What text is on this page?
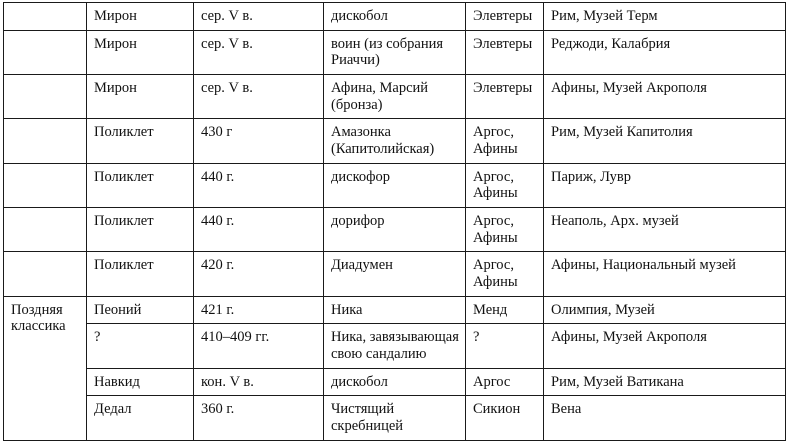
	Мирон	сер. V в.	дискобол	Элевтеры	Рим, Музей Терм
	Мирон	сер. V в.	воин (из собрания Риаччи)	Элевтеры	Реджоди, Калабрия
	Мирон	сер. V в.	Афина, Марсий (бронза)	Элевтеры	Афины, Музей Акрополя
	Поликлет	430 г	Амазонка (Капитолийская)	Аргос, Афины	Рим, Музей Капитолия
	Поликлет	440 г.	дискофор	Аргос, Афины	Париж, Лувр
	Поликлет	440 г.	дорифор	Аргос, Афины	Неаполь, Арх. музей
	Поликлет	420 г.	Диадумен	Аргос, Афины	Афины, Национальный музей
Поздняя классика	Пеоний	421 г.	Ника	Менд	Олимпия, Музей
	?	410–409 гг.	Ника, завязывающая свою сандалию	?	Афины, Музей Акрополя
	Навкид	кон. V в.	дискобол	Аргос	Рим, Музей Ватикана
	Дедал	360 г.	Чистящий скребницей	Сикион	Вена
